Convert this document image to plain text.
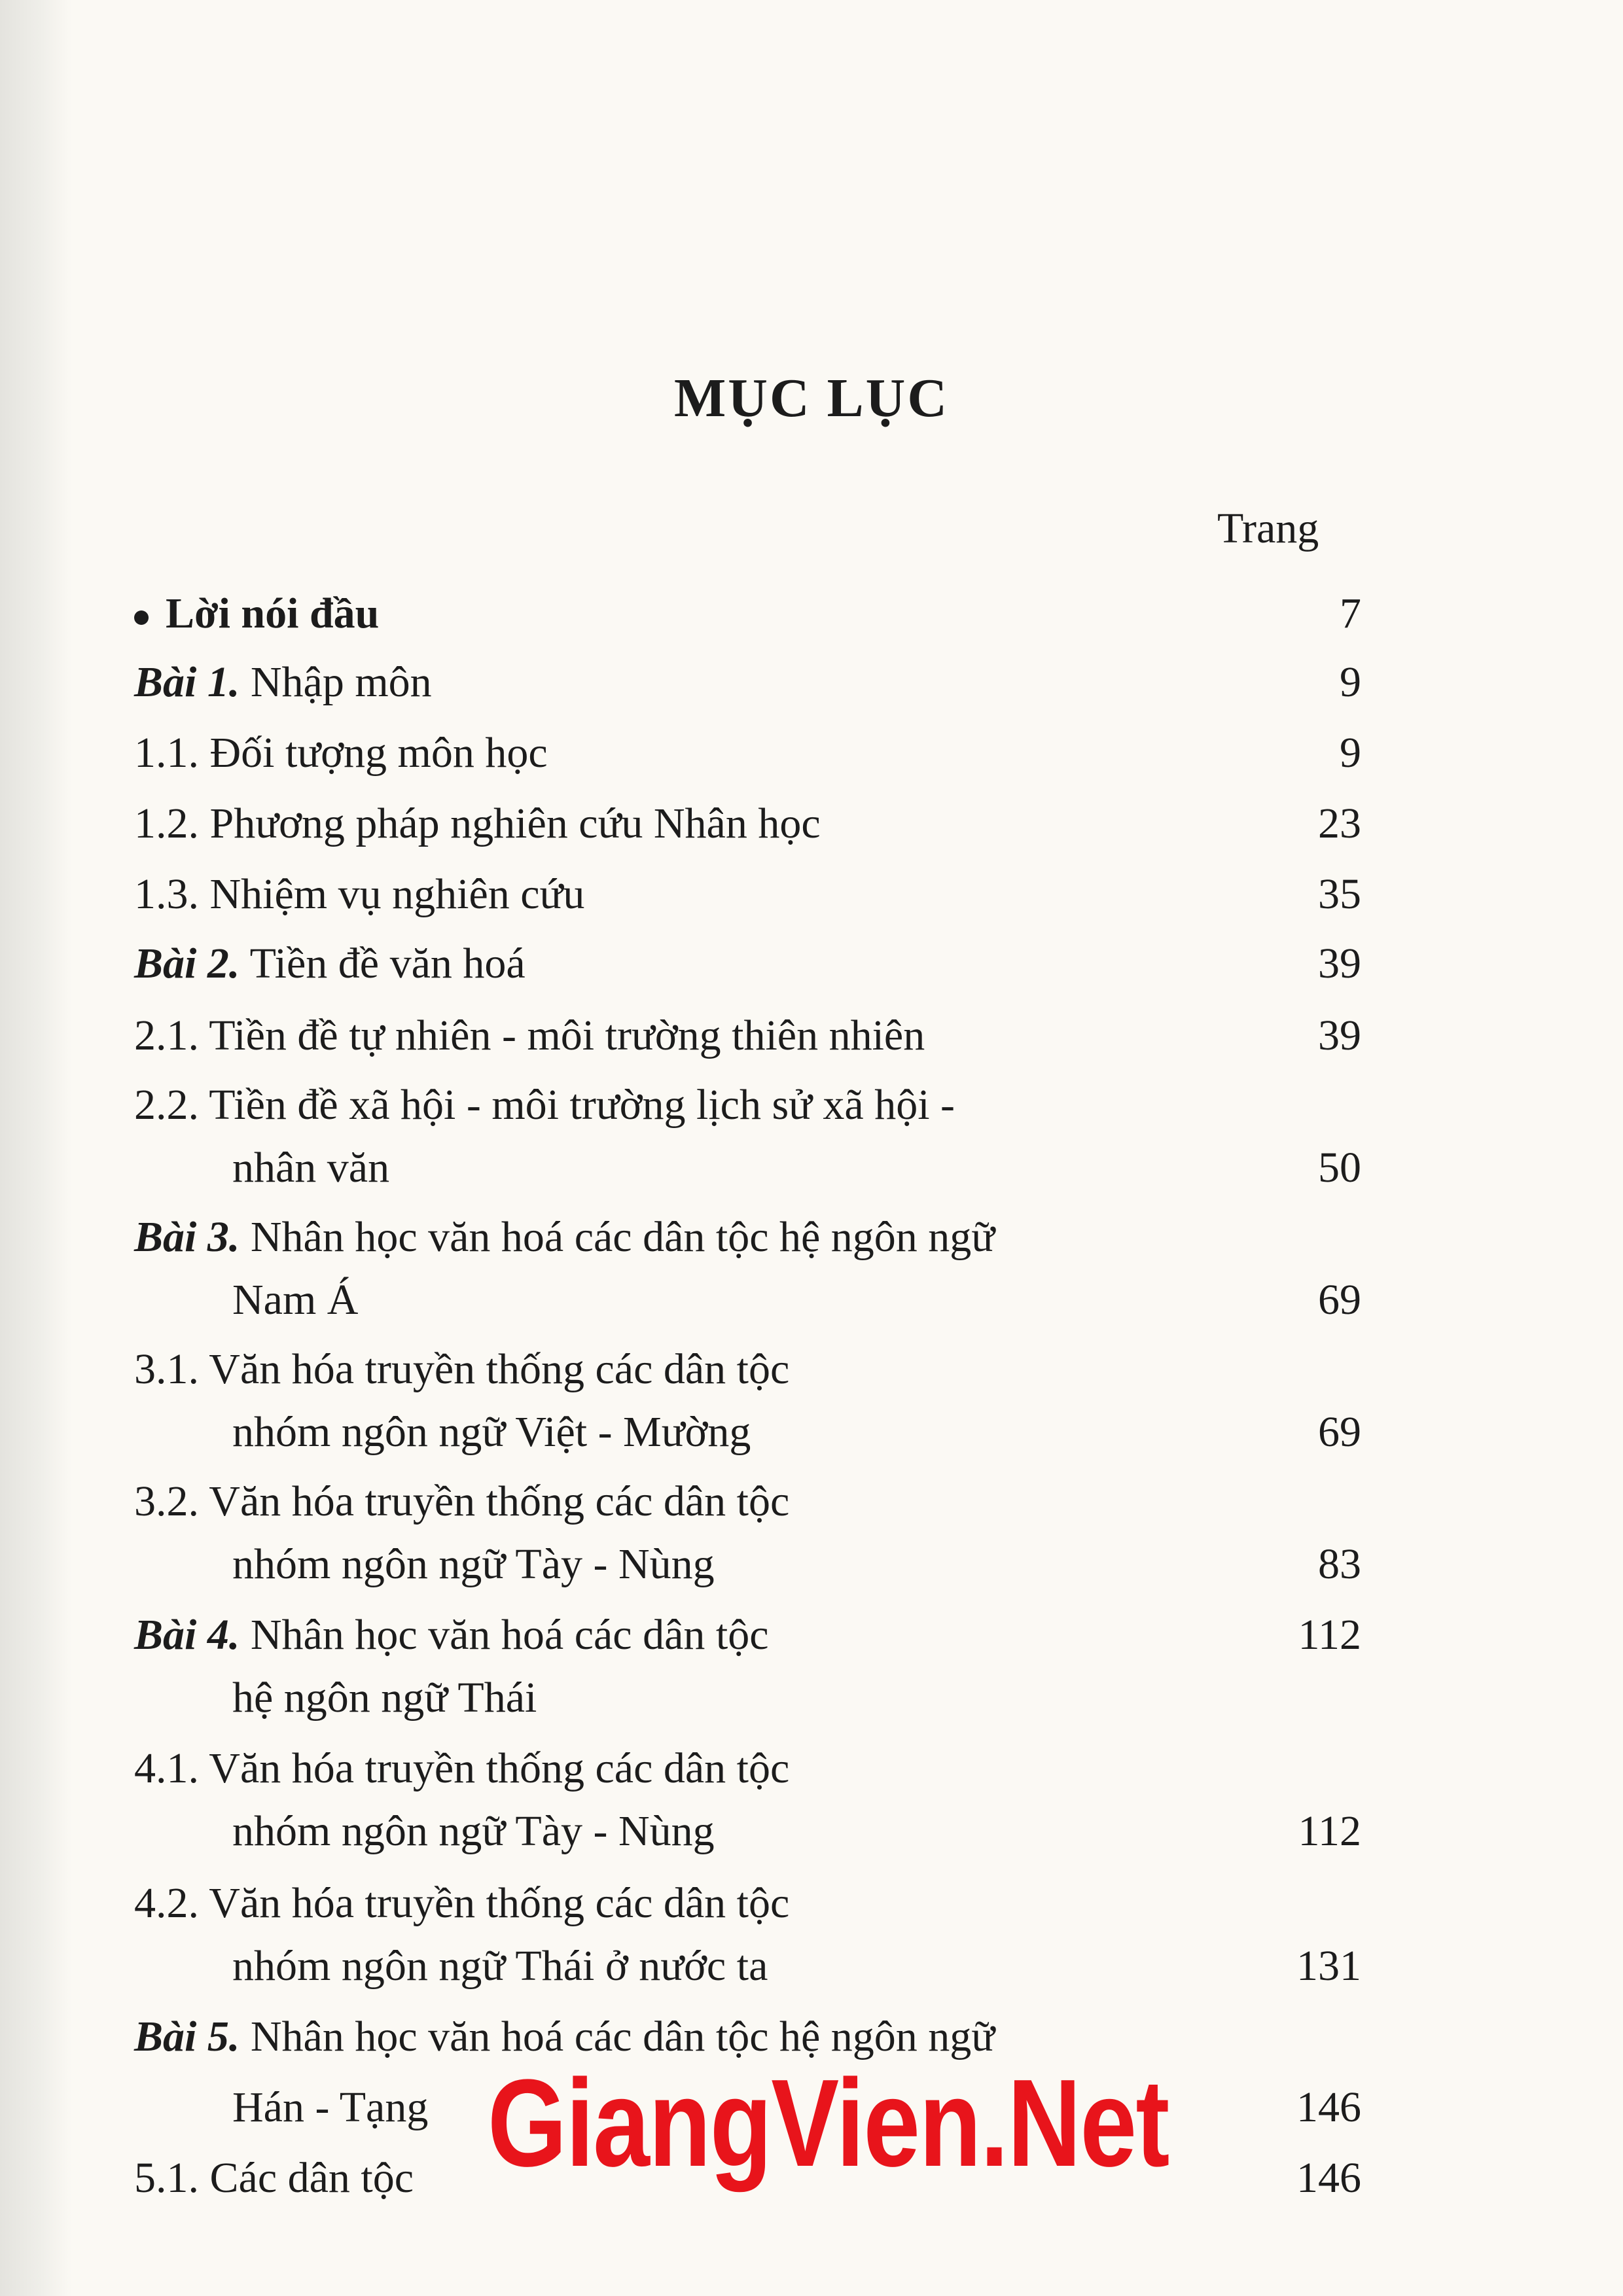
MỤC LỤC
Trang
Lời nói đầu	7
Bài 1. Nhập môn	9
1.1. Đối tượng môn học	9
1.2. Phương pháp nghiên cứu Nhân học	23
1.3. Nhiệm vụ nghiên cứu	35
Bài 2. Tiền đề văn hoá	39
2.1. Tiền đề tự nhiên - môi trường thiên nhiên	39
2.2. Tiền đề xã hội - môi trường lịch sử xã hội -
nhân văn	50
Bài 3. Nhân học văn hoá các dân tộc hệ ngôn ngữ
Nam Á	69
3.1. Văn hóa truyền thống các dân tộc
nhóm ngôn ngữ Việt - Mường	69
3.2. Văn hóa truyền thống các dân tộc
nhóm ngôn ngữ Tày - Nùng	83
Bài 4. Nhân học văn hoá các dân tộc	112
hệ ngôn ngữ Thái
4.1. Văn hóa truyền thống các dân tộc
nhóm ngôn ngữ Tày - Nùng	112
4.2. Văn hóa truyền thống các dân tộc
nhóm ngôn ngữ Thái ở nước ta	131
Bài 5. Nhân học văn hoá các dân tộc hệ ngôn ngữ
Hán - Tạng	146
5.1. Các dân tộc	146
GiangVien.Net
